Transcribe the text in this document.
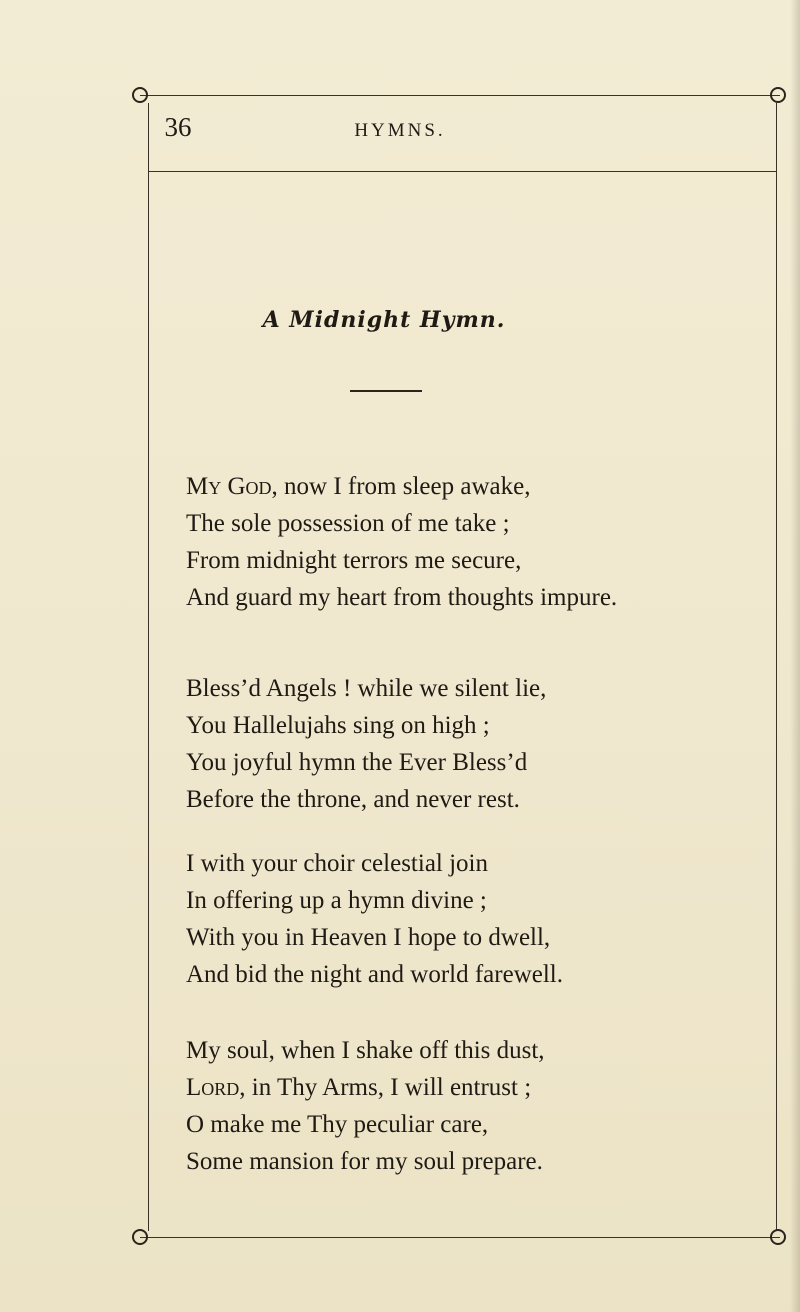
36	HYMNS.
A Midnight Hymn.
My God, now I from sleep awake,
The sole possession of me take ;
From midnight terrors me secure,
And guard my heart from thoughts impure.
Bless’d Angels ! while we silent lie,
You Hallelujahs sing on high ;
You joyful hymn the Ever Bless’d
Before the throne, and never rest.
I with your choir celestial join
In offering up a hymn divine ;
With you in Heaven I hope to dwell,
And bid the night and world farewell.
My soul, when I shake off this dust,
Lord, in Thy Arms, I will entrust ;
O make me Thy peculiar care,
Some mansion for my soul prepare.
